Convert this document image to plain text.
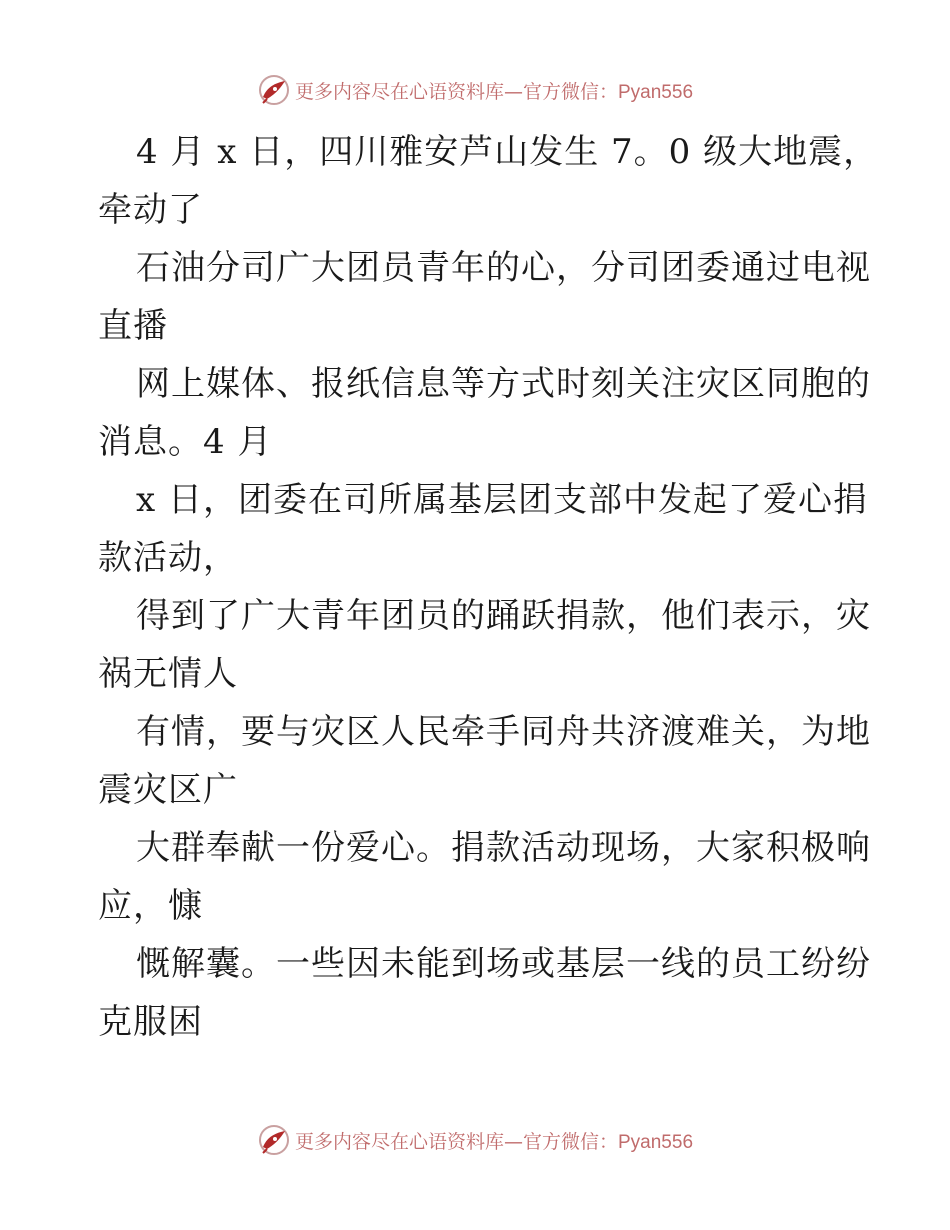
更多内容尽在心语资料库—官方微信：Pyan556

4 月 x 日，四川雅安芦山发生 7。0 级大地震，
牵动了

石油分司广大团员青年的心，分司团委通过电视
直播

网上媒体、报纸信息等方式时刻关注灾区同胞的
消息。4 月

x 日，团委在司所属基层团支部中发起了爱心捐
款活动，

得到了广大青年团员的踊跃捐款，他们表示，灾
祸无情人

有情，要与灾区人民牵手同舟共济渡难关，为地
震灾区广

大群奉献一份爱心。捐款活动现场，大家积极响
应，慷

慨解囊。一些因未能到场或基层一线的员工纷纷
克服困

更多内容尽在心语资料库—官方微信：Pyan556
